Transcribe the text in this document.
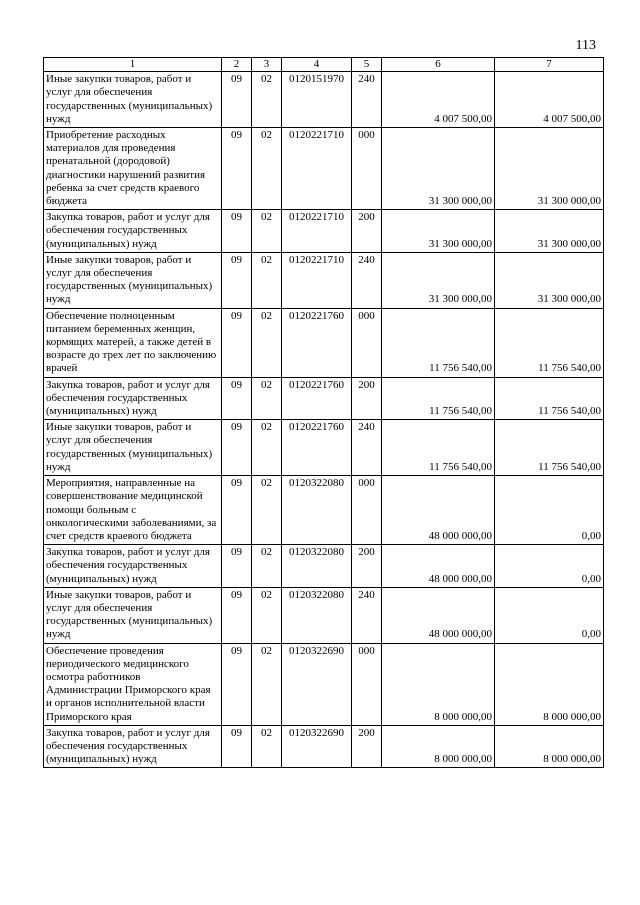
113
1	2	3	4	5	6	7
Иные закупки товаров, работ и услуг для обеспечения государственных (муниципальных) нужд	09	02	0120151970	240	4 007 500,00	4 007 500,00
Приобретение расходных материалов для проведения пренатальной (дородовой) диагностики нарушений развития ребенка за счет средств краевого бюджета	09	02	0120221710	000	31 300 000,00	31 300 000,00
Закупка товаров, работ и услуг для обеспечения государственных (муниципальных) нужд	09	02	0120221710	200	31 300 000,00	31 300 000,00
Иные закупки товаров, работ и услуг для обеспечения государственных (муниципальных) нужд	09	02	0120221710	240	31 300 000,00	31 300 000,00
Обеспечение полноценным питанием беременных женщин, кормящих матерей, а также детей в возрасте до трех лет по заключению врачей	09	02	0120221760	000	11 756 540,00	11 756 540,00
Закупка товаров, работ и услуг для обеспечения государственных (муниципальных) нужд	09	02	0120221760	200	11 756 540,00	11 756 540,00
Иные закупки товаров, работ и услуг для обеспечения государственных (муниципальных) нужд	09	02	0120221760	240	11 756 540,00	11 756 540,00
Мероприятия, направленные на совершенствование медицинской помощи больным с онкологическими заболеваниями, за счет средств краевого бюджета	09	02	0120322080	000	48 000 000,00	0,00
Закупка товаров, работ и услуг для обеспечения государственных (муниципальных) нужд	09	02	0120322080	200	48 000 000,00	0,00
Иные закупки товаров, работ и услуг для обеспечения государственных (муниципальных) нужд	09	02	0120322080	240	48 000 000,00	0,00
Обеспечение проведения периодического медицинского осмотра работников Администрации Приморского края и органов исполнительной власти Приморского края	09	02	0120322690	000	8 000 000,00	8 000 000,00
Закупка товаров, работ и услуг для обеспечения государственных (муниципальных) нужд	09	02	0120322690	200	8 000 000,00	8 000 000,00
